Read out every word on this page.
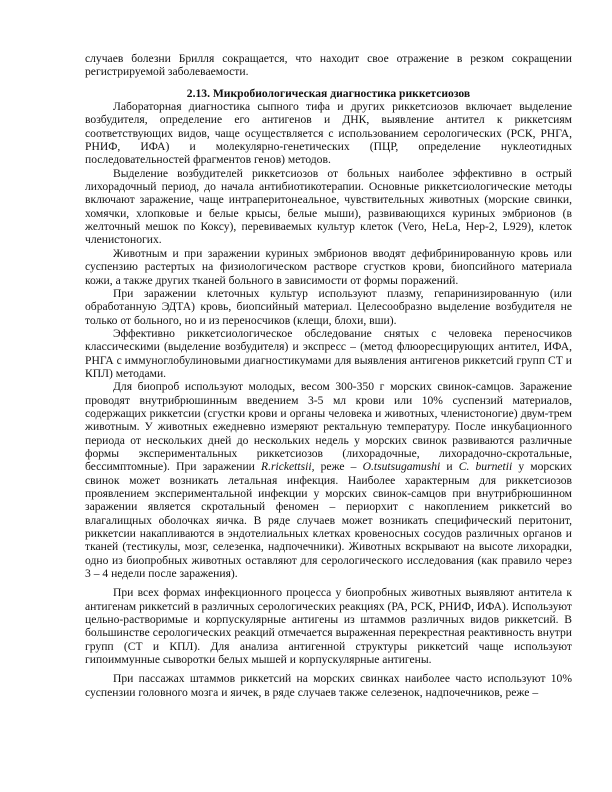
случаев болезни Брилля сокращается, что находит свое отражение в резком сокращении регистрируемой заболеваемости.

2.13. Микробиологическая диагностика риккетсиозов

Лабораторная диагностика сыпного тифа и других риккетсиозов включает выделение возбудителя, определение его антигенов и ДНК, выявление антител к риккетсиям соответствующих видов, чаще осуществляется с использованием серологических (РСК, РНГА, РНИФ, ИФА) и молекулярно-генетических (ПЦР, определение нуклеотидных последовательностей фрагментов генов) методов.

Выделение возбудителей риккетсиозов от больных наиболее эффективно в острый лихорадочный период, до начала антибиотикотерапии. Основные риккетсиологические методы включают заражение, чаще интраперитонеальное, чувствительных животных (морские свинки, хомячки, хлопковые и белые крысы, белые мыши), развивающихся куриных эмбрионов (в желточный мешок по Коксу), перевиваемых культур клеток (Vero, HeLa, Hep-2, L929), клеток членистоногих.

Животным и при заражении куриных эмбрионов вводят дефибринированную кровь или суспензию растертых на физиологическом растворе сгустков крови, биопсийного материала кожи, а также других тканей больного в зависимости от формы поражений.

При заражении клеточных культур используют плазму, гепаринизированную (или обработанную ЭДТА) кровь, биопсийный материал. Целесообразно выделение возбудителя не только от больного, но и из переносчиков (клещи, блохи, вши).

Эффективно риккетсиологическое обследование снятых с человека переносчиков классическими (выделение возбудителя) и экспресс – (метод флюоресцирующих антител, ИФА, РНГА с иммуноглобулиновыми диагностикумами для выявления антигенов риккетсий групп СТ и КПЛ) методами.

Для биопроб используют молодых, весом 300-350 г морских свинок-самцов. Заражение проводят внутрибрюшинным введением 3-5 мл крови или 10% суспензий материалов, содержащих риккетсии (сгустки крови и органы человека и животных, членистоногие) двум-трем животным. У животных ежедневно измеряют ректальную температуру. После инкубационного периода от нескольких дней до нескольких недель у морских свинок развиваются различные формы экспериментальных риккетсиозов (лихорадочные, лихорадочно-скротальные, бессимптомные). При заражении R.rickettsii, реже – O.tsutsugamushi и C. burnetii у морских свинок может возникать летальная инфекция. Наиболее характерным для риккетсиозов проявлением экспериментальной инфекции у морских свинок-самцов при внутрибрюшинном заражении является скротальный феномен – периорхит с накоплением риккетсий во влагалищных оболочках яичка. В ряде случаев может возникать специфический перитонит, риккетсии накапливаются в эндотелиальных клетках кровеносных сосудов различных органов и тканей (тестикулы, мозг, селезенка, надпочечники). Животных вскрывают на высоте лихорадки, одно из биопробных животных оставляют для серологического исследования (как правило через 3 – 4 недели после заражения).

При всех формах инфекционного процесса у биопробных животных выявляют антитела к антигенам риккетсий в различных серологических реакциях (РА, РСК, РНИФ, ИФА). Используют цельно-растворимые и корпускулярные антигены из штаммов различных видов риккетсий. В большинстве серологических реакций отмечается выраженная перекрестная реактивность внутри групп (СТ и КПЛ). Для анализа антигенной структуры риккетсий чаще используют гипоиммунные сыворотки белых мышей и корпускулярные антигены.

При пассажах штаммов риккетсий на морских свинках наиболее часто используют 10% суспензии головного мозга и яичек, в ряде случаев также селезенок, надпочечников, реже –
